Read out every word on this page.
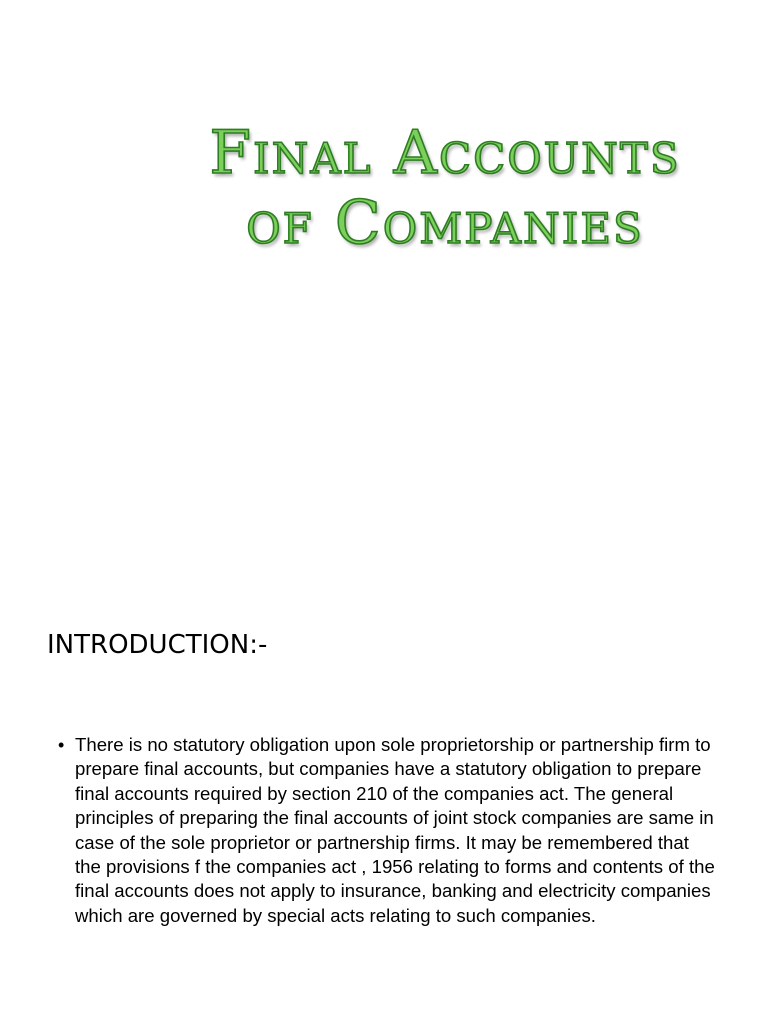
Final Accounts
of Companies
INTRODUCTION:-
• There is no statutory obligation upon sole proprietorship or partnership firm to prepare final accounts, but companies have a statutory obligation to prepare final accounts required by section 210 of the companies act. The general principles of preparing the final accounts of joint stock companies are same in case of the sole proprietor or partnership firms. It may be remembered that the provisions f the companies act , 1956 relating to forms and contents of the final accounts does not apply to insurance, banking and electricity companies which are governed by special acts relating to such companies.
